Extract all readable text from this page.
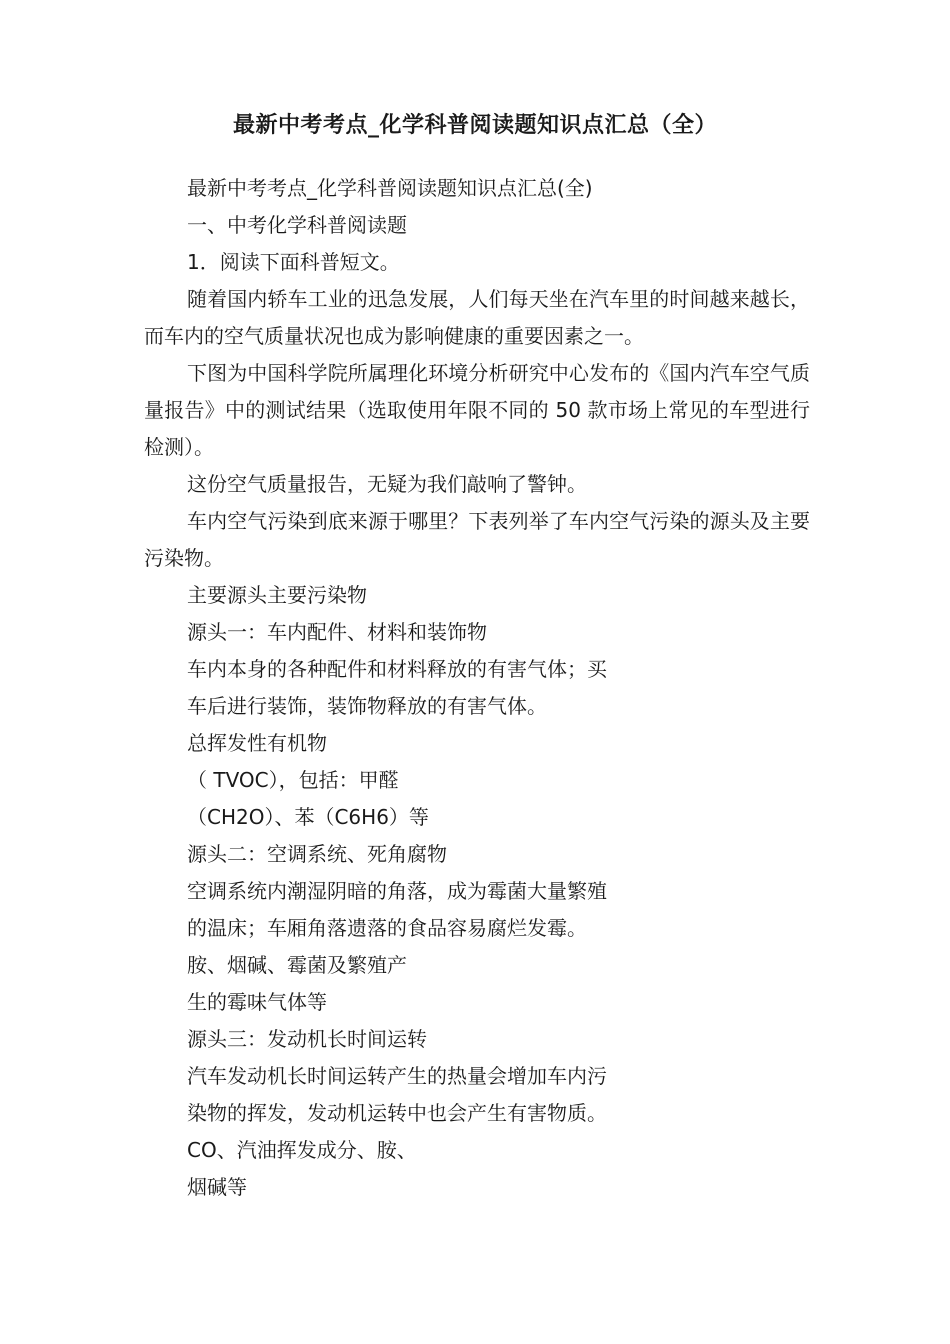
最新中考考点_化学科普阅读题知识点汇总（全）

最新中考考点_化学科普阅读题知识点汇总(全)

一、中考化学科普阅读题

1．阅读下面科普短文。

随着国内轿车工业的迅急发展，人们每天坐在汽车里的时间越来越长，而车内的空气质量状况也成为影响健康的重要因素之一。

下图为中国科学院所属理化环境分析研究中心发布的《国内汽车空气质量报告》中的测试结果（选取使用年限不同的 50 款市场上常见的车型进行检测）。

这份空气质量报告，无疑为我们敲响了警钟。

车内空气污染到底来源于哪里？下表列举了车内空气污染的源头及主要污染物。

主要源头主要污染物

源头一：车内配件、材料和装饰物

车内本身的各种配件和材料释放的有害气体；买

车后进行装饰，装饰物释放的有害气体。

总挥发性有机物

（ TVOC），包括：甲醛

（CH2O）、苯（C6H6）等

源头二：空调系统、死角腐物

空调系统内潮湿阴暗的角落，成为霉菌大量繁殖

的温床；车厢角落遗落的食品容易腐烂发霉。

胺、烟碱、霉菌及繁殖产

生的霉味气体等

源头三：发动机长时间运转

汽车发动机长时间运转产生的热量会增加车内污

染物的挥发，发动机运转中也会产生有害物质。

CO、汽油挥发成分、胺、

烟碱等
